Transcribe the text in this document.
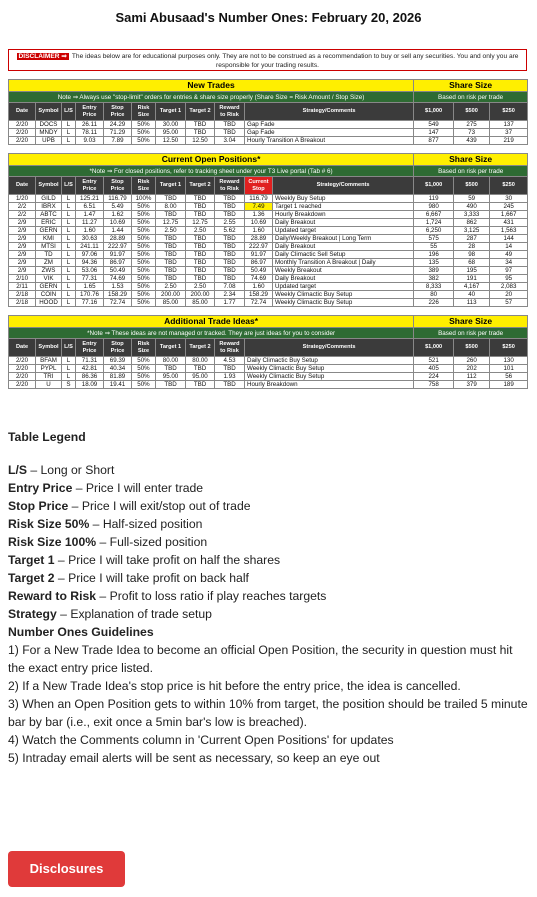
Sami Abusaad's Number Ones: February 20, 2026
DISCLAIMER ⇒ The ideas below are for educational purposes only. They are not to be construed as a recommendation to buy or sell any securities. You and only you are responsible for your trading results.
New Trades										Share Size		
Note ⇒ Always use "stop-limit" orders for entries & share size properly (Share Size = Risk Amount / Stop Size)										Based on risk per trade		
Date	Symbol	L/S	Entry Price	Stop Price	Risk Size	Target 1	Target 2	Reward to Risk	Strategy/Comments	$1,000	$500	$250
2/20	DOCS	L	26.11	24.29	50%	30.00	TBD	TBD	Gap Fade	549	275	137
2/20	MNDY	L	78.11	71.29	50%	95.00	TBD	TBD	Gap Fade	147	73	37
2/20	UPB	L	9.03	7.89	50%	12.50	12.50	3.04	Hourly Transition A Breakout	877	439	219
Current Open Positions*											Share Size		
*Note ⇒ For closed positions, refer to tracking sheet under your T3 Live portal (Tab # 6)											Based on risk per trade		
Date	Symbol	L/S	Entry Price	Stop Price	Risk Size	Target 1	Target 2	Reward to Risk	Current Stop	Strategy/Comments	$1,000	$500	$250
1/20	GILD	L	125.21	116.79	100%	TBD	TBD	TBD	116.79	Weekly Buy Setup	119	59	30
2/2	IBRX	L	6.51	5.49	50%	8.00	TBD	TBD	7.49	Target 1 reached	980	490	245
2/2	ABTC	L	1.47	1.62	50%	TBD	TBD	TBD	1.36	Hourly Breakdown	6,667	3,333	1,667
2/9	ERIC	L	11.27	10.69	50%	12.75	12.75	2.55	10.69	Daily Breakout	1,724	862	431
2/9	GERN	L	1.60	1.44	50%	2.50	2.50	5.62	1.60	Updated target	6,250	3,125	1,563
2/9	KMI	L	30.63	28.89	50%	TBD	TBD	TBD	28.89	Daily/Weekly Breakout | Long Term	575	287	144
2/9	MTSI	L	241.11	222.97	50%	TBD	TBD	TBD	222.97	Daily Breakout	55	28	14
2/9	TD	L	97.06	91.97	50%	TBD	TBD	TBD	91.97	Daily Climactic Sell Setup	196	98	49
2/9	ZM	L	94.36	86.97	50%	TBD	TBD	TBD	86.97	Monthly Transition A Breakout | Daily	135	68	34
2/9	ZWS	L	53.06	50.49	50%	TBD	TBD	TBD	50.49	Weekly Breakout	389	195	97
2/10	VIK	L	77.31	74.69	50%	TBD	TBD	TBD	74.69	Daily Breakout	382	191	95
2/11	GERN	L	1.65	1.53	50%	2.50	2.50	7.08	1.60	Updated target	8,333	4,167	2,083
2/18	COIN	L	170.76	158.29	50%	200.00	200.00	2.34	158.29	Weekly Climactic Buy Setup	80	40	20
2/18	HOOD	L	77.16	72.74	50%	85.00	85.00	1.77	72.74	Weekly Climactic Buy Setup	226	113	57
Additional Trade Ideas*										Share Size		
*Note ⇒ These ideas are not managed or tracked. They are just ideas for you to consider										Based on risk per trade		
Date	Symbol	L/S	Entry Price	Stop Price	Risk Size	Target 1	Target 2	Reward to Risk	Strategy/Comments	$1,000	$500	$250
2/20	BFAM	L	71.31	69.39	50%	80.00	80.00	4.53	Daily Climactic Buy Setup	521	260	130
2/20	PYPL	L	42.81	40.34	50%	TBD	TBD	TBD	Weekly Climactic Buy Setup	405	202	101
2/20	TRI	L	86.36	81.89	50%	95.00	95.00	1.93	Weekly Climactic Buy Setup	224	112	56
2/20	U	S	18.09	19.41	50%	TBD	TBD	TBD	Hourly Breakdown	758	379	189
Table Legend

L/S – Long or Short

Entry Price – Price I will enter trade

Stop Price – Price I will exit/stop out of trade

Risk Size 50% – Half-sized position

Risk Size 100% – Full-sized position

Target 1 – Price I will take profit on half the shares

Target 2 – Price I will take profit on back half

Reward to Risk – Profit to loss ratio if play reaches targets

Strategy – Explanation of trade setup

Number Ones Guidelines

1) For a New Trade Idea to become an official Open Position, the security in question must hit the exact entry price listed.

2) If a New Trade Idea's stop price is hit before the entry price, the idea is cancelled.

3) When an Open Position gets to within 10% from target, the position should be trailed 5 minute bar by bar (i.e., exit once a 5min bar's low is breached).

4) Watch the Comments column in 'Current Open Positions' for updates

5) Intraday email alerts will be sent as necessary, so keep an eye out

Disclosures
